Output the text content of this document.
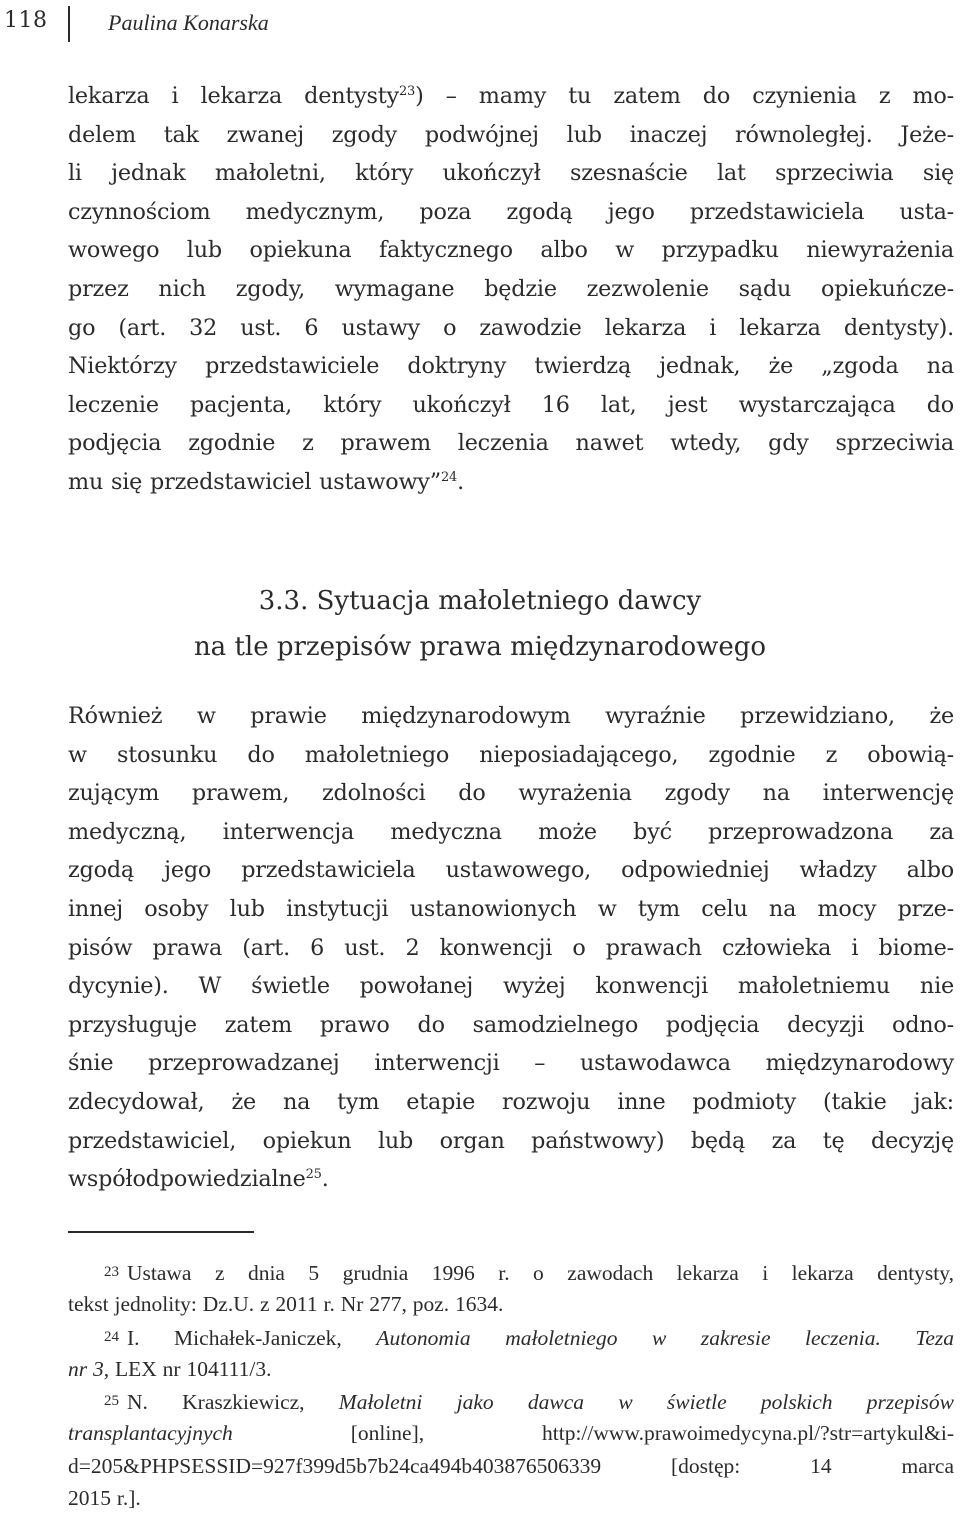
118	Paulina Konarska
lekarza i lekarza dentysty$^{23}$) – mamy tu zatem do czynienia z mo-
delem tak zwanej zgody podwójnej lub inaczej równoległej. Jeże-
li jednak małoletni, który ukończył szesnaście lat sprzeciwia się
czynnościom medycznym, poza zgodą jego przedstawiciela usta-
wowego lub opiekuna faktycznego albo w przypadku niewyrażenia
przez nich zgody, wymagane będzie zezwolenie sądu opiekuńcze-
go (art. 32 ust. 6 ustawy o zawodzie lekarza i lekarza dentysty).
Niektórzy przedstawiciele doktryny twierdzą jednak, że „zgoda na
leczenie pacjenta, który ukończył 16 lat, jest wystarczająca do
podjęcia zgodnie z prawem leczenia nawet wtedy, gdy sprzeciwia
mu się przedstawiciel ustawowy”$^{24}$.
3.3. Sytuacja małoletniego dawcy
na tle przepisów prawa międzynarodowego
Również w prawie międzynarodowym wyraźnie przewidziano, że
w stosunku do małoletniego nieposiadającego, zgodnie z obowią-
zującym prawem, zdolności do wyrażenia zgody na interwencję
medyczną, interwencja medyczna może być przeprowadzona za
zgodą jego przedstawiciela ustawowego, odpowiedniej władzy albo
innej osoby lub instytucji ustanowionych w tym celu na mocy prze-
pisów prawa (art. 6 ust. 2 konwencji o prawach człowieka i biome-
dycynie). W świetle powołanej wyżej konwencji małoletniemu nie
przysługuje zatem prawo do samodzielnego podjęcia decyzji odno-
śnie przeprowadzanej interwencji – ustawodawca międzynarodowy
zdecydował, że na tym etapie rozwoju inne podmioty (takie jak:
przedstawiciel, opiekun lub organ państwowy) będą za tę decyzję
współodpowiedzialne$^{25}$.
23 Ustawa z dnia 5 grudnia 1996 r. o zawodach lekarza i lekarza dentysty,
tekst jednolity: Dz.U. z 2011 r. Nr 277, poz. 1634.
24 I. Michałek-Janiczek, Autonomia małoletniego w zakresie leczenia. Teza
nr 3, LEX nr 104111/3.
25 N. Kraszkiewicz, Małoletni jako dawca w świetle polskich przepisów
transplantacyjnych [online], http://www.prawoimedycyna.pl/?str=artykul&i-
d=205&PHPSESSID=927f399d5b7b24ca494b403876506339 [dostęp: 14 marca
2015 r.].
